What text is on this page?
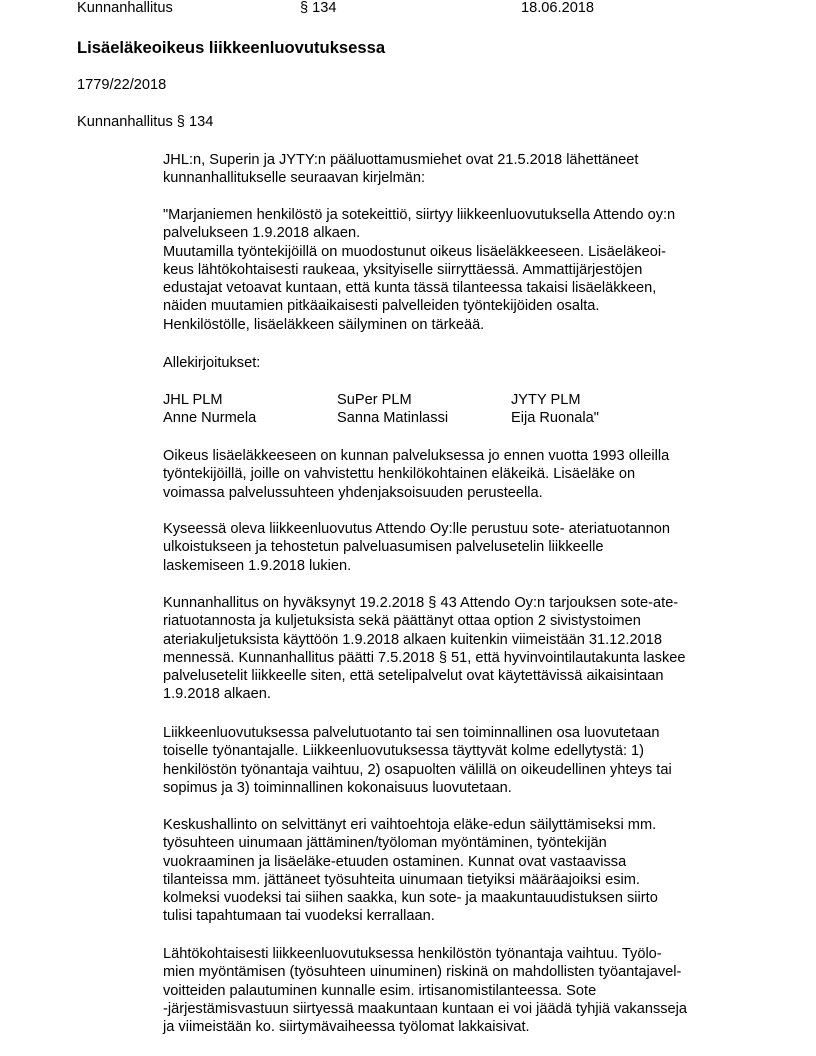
Kunnanhallitus	§ 134	18.06.2018
Lisäeläkeoikeus liikkeenluovutuksessa
1779/22/2018
Kunnanhallitus § 134
JHL:n, Superin ja JYTY:n pääluottamusmiehet ovat 21.5.2018 lähettäneet
kunnanhallitukselle seuraavan kirjelmän:
"Marjaniemen henkilöstö ja sotekeittiö, siirtyy liikkeenluovutuksella Attendo oy:n
palvelukseen 1.9.2018 alkaen.
Muutamilla työntekijöillä on muodostunut oikeus lisäeläkkeeseen. Lisäeläkeoi-
keus lähtökohtaisesti raukeaa, yksityiselle siirryttäessä. Ammattijärjestöjen
edustajat vetoavat kuntaan, että kunta tässä tilanteessa takaisi lisäeläkkeen,
näiden muutamien pitkäaikaisesti palvelleiden työntekijöiden osalta.
Henkilöstölle, lisäeläkkeen säilyminen on tärkeää.
Allekirjoitukset:
JHL PLM
Anne Nurmela
SuPer PLM
Sanna Matinlassi
JYTY PLM
Eija Ruonala"
Oikeus lisäeläkkeeseen on kunnan palveluksessa jo ennen vuotta 1993 olleilla
työntekijöillä, joille on vahvistettu henkilökohtainen eläkeikä. Lisäeläke on
voimassa palvelussuhteen yhdenjaksoisuuden perusteella.
Kyseessä oleva liikkeenluovutus Attendo Oy:lle perustuu sote- ateriatuotannon
ulkoistukseen ja tehostetun palveluasumisen palvelusetelin liikkeelle
laskemiseen 1.9.2018 lukien.
Kunnanhallitus on hyväksynyt 19.2.2018 § 43 Attendo Oy:n tarjouksen sote-ate-
riatuotannosta ja kuljetuksista sekä päättänyt ottaa option 2 sivistystoimen
ateriakuljetuksista käyttöön 1.9.2018 alkaen kuitenkin viimeistään 31.12.2018
mennessä. Kunnanhallitus päätti 7.5.2018 § 51, että hyvinvointilautakunta laskee
palvelusetelit liikkeelle siten, että setelipalvelut ovat käytettävissä aikaisintaan
1.9.2018 alkaen.
Liikkeenluovutuksessa palvelutuotanto tai sen toiminnallinen osa luovutetaan
toiselle työnantajalle. Liikkeenluovutuksessa täyttyvät kolme edellytystä: 1)
henkilöstön työnantaja vaihtuu, 2) osapuolten välillä on oikeudellinen yhteys tai
sopimus ja 3) toiminnallinen kokonaisuus luovutetaan.
Keskushallinto on selvittänyt eri vaihtoehtoja eläke-edun säilyttämiseksi mm.
työsuhteen uinumaan jättäminen/työloman myöntäminen, työntekijän
vuokraaminen ja lisäeläke-etuuden ostaminen. Kunnat ovat vastaavissa
tilanteissa mm. jättäneet työsuhteita uinumaan tietyiksi määräajoiksi esim.
kolmeksi vuodeksi tai siihen saakka, kun sote- ja maakuntauudistuksen siirto
tulisi tapahtumaan tai vuodeksi kerrallaan.
Lähtökohtaisesti liikkeenluovutuksessa henkilöstön työnantaja vaihtuu. Työlo-
mien myöntämisen (työsuhteen uinuminen) riskinä on mahdollisten työantajavel-
voitteiden palautuminen kunnalle esim. irtisanomistilanteessa. Sote
-järjestämisvastuun siirtyessä maakuntaan kuntaan ei voi jäädä tyhjiä vakansseja
ja viimeistään ko. siirtymävaiheessa työlomat lakkaisivat.
